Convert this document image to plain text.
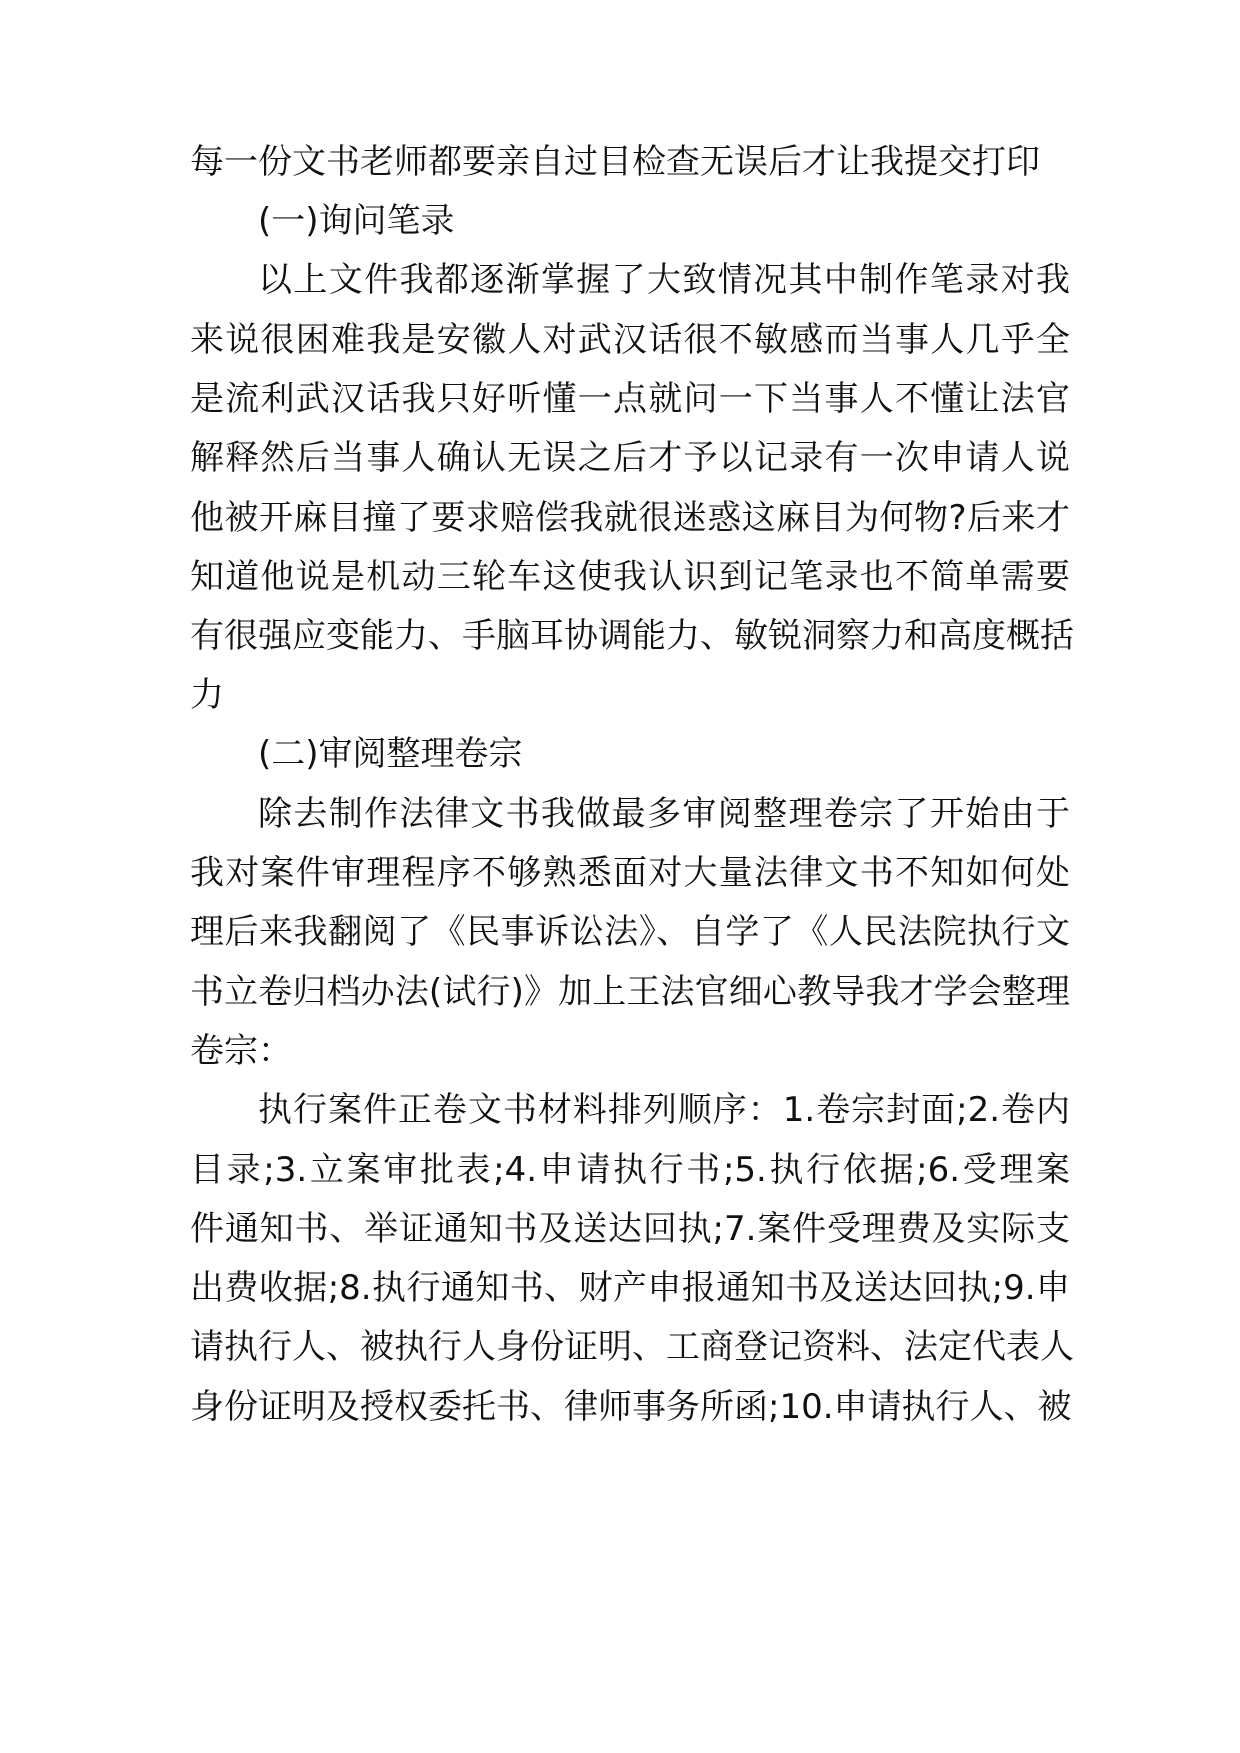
每一份文书老师都要亲自过目检查无误后才让我提交打印
(一)询问笔录
以上文件我都逐渐掌握了大致情况其中制作笔录对我
来说很困难我是安徽人对武汉话很不敏感而当事人几乎全
是流利武汉话我只好听懂一点就问一下当事人不懂让法官
解释然后当事人确认无误之后才予以记录有一次申请人说
他被开麻目撞了要求赔偿我就很迷惑这麻目为何物?后来才
知道他说是机动三轮车这使我认识到记笔录也不简单需要
有很强应变能力、手脑耳协调能力、敏锐洞察力和高度概括
力
(二)审阅整理卷宗
除去制作法律文书我做最多审阅整理卷宗了开始由于
我对案件审理程序不够熟悉面对大量法律文书不知如何处
理后来我翻阅了《民事诉讼法》、自学了《人民法院执行文
书立卷归档办法(试行)》加上王法官细心教导我才学会整理
卷宗：
执行案件正卷文书材料排列顺序：1.卷宗封面;2.卷内
目录;3.立案审批表;4.申请执行书;5.执行依据;6.受理案
件通知书、举证通知书及送达回执;7.案件受理费及实际支
出费收据;8.执行通知书、财产申报通知书及送达回执;9.申
请执行人、被执行人身份证明、工商登记资料、法定代表人
身份证明及授权委托书、律师事务所函;10.申请执行人、被
